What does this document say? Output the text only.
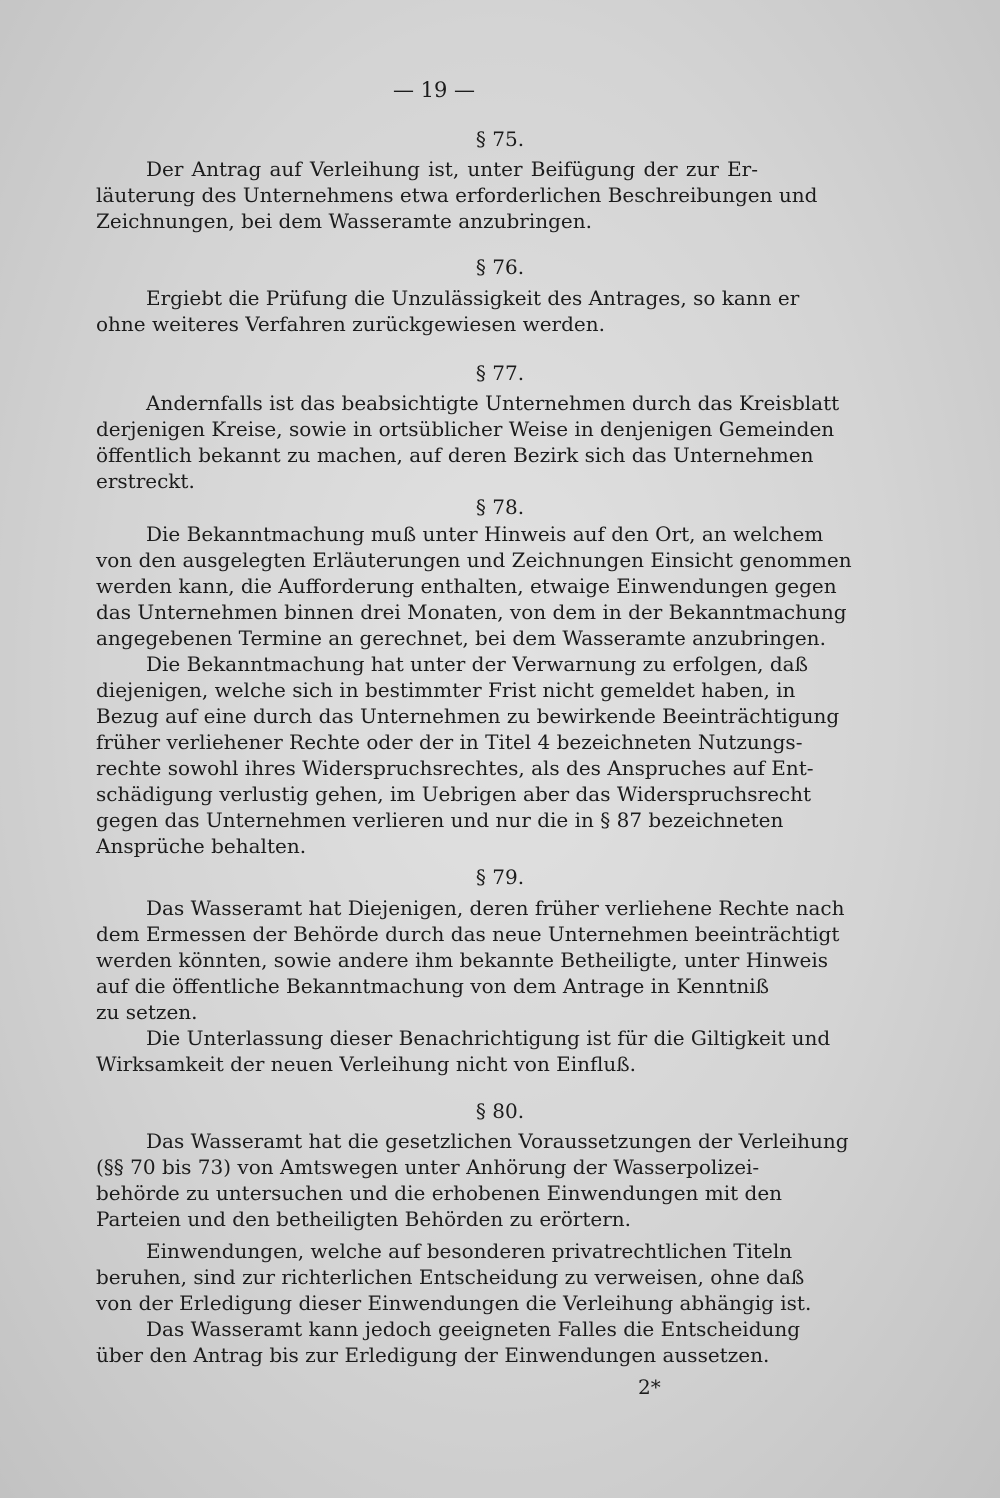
— 19 —
§ 75.
Der Antrag auf Verleihung ist, unter Beifügung der zur Er-
läuterung des Unternehmens etwa erforderlichen Beschreibungen und
Zeichnungen, bei dem Wasseramte anzubringen.
§ 76.
Ergiebt die Prüfung die Unzulässigkeit des Antrages, so kann er
ohne weiteres Verfahren zurückgewiesen werden.
§ 77.
Andernfalls ist das beabsichtigte Unternehmen durch das Kreisblatt
derjenigen Kreise, sowie in ortsüblicher Weise in denjenigen Gemeinden
öffentlich bekannt zu machen, auf deren Bezirk sich das Unternehmen
erstreckt.
§ 78.
Die Bekanntmachung muß unter Hinweis auf den Ort, an welchem
von den ausgelegten Erläuterungen und Zeichnungen Einsicht genommen
werden kann, die Aufforderung enthalten, etwaige Einwendungen gegen
das Unternehmen binnen drei Monaten, von dem in der Bekanntmachung
angegebenen Termine an gerechnet, bei dem Wasseramte anzubringen.
Die Bekanntmachung hat unter der Verwarnung zu erfolgen, daß
diejenigen, welche sich in bestimmter Frist nicht gemeldet haben, in
Bezug auf eine durch das Unternehmen zu bewirkende Beeinträchtigung
früher verliehener Rechte oder der in Titel 4 bezeichneten Nutzungs-
rechte sowohl ihres Widerspruchsrechtes, als des Anspruches auf Ent-
schädigung verlustig gehen, im Uebrigen aber das Widerspruchsrecht
gegen das Unternehmen verlieren und nur die in § 87 bezeichneten
Ansprüche behalten.
§ 79.
Das Wasseramt hat Diejenigen, deren früher verliehene Rechte nach
dem Ermessen der Behörde durch das neue Unternehmen beeinträchtigt
werden könnten, sowie andere ihm bekannte Betheiligte, unter Hinweis
auf die öffentliche Bekanntmachung von dem Antrage in Kenntniß
zu setzen.
Die Unterlassung dieser Benachrichtigung ist für die Giltigkeit und
Wirksamkeit der neuen Verleihung nicht von Einfluß.
§ 80.
Das Wasseramt hat die gesetzlichen Voraussetzungen der Verleihung
(§§ 70 bis 73) von Amtswegen unter Anhörung der Wasserpolizei-
behörde zu untersuchen und die erhobenen Einwendungen mit den
Parteien und den betheiligten Behörden zu erörtern.
Einwendungen, welche auf besonderen privatrechtlichen Titeln
beruhen, sind zur richterlichen Entscheidung zu verweisen, ohne daß
von der Erledigung dieser Einwendungen die Verleihung abhängig ist.
Das Wasseramt kann jedoch geeigneten Falles die Entscheidung
über den Antrag bis zur Erledigung der Einwendungen aussetzen.
2*
